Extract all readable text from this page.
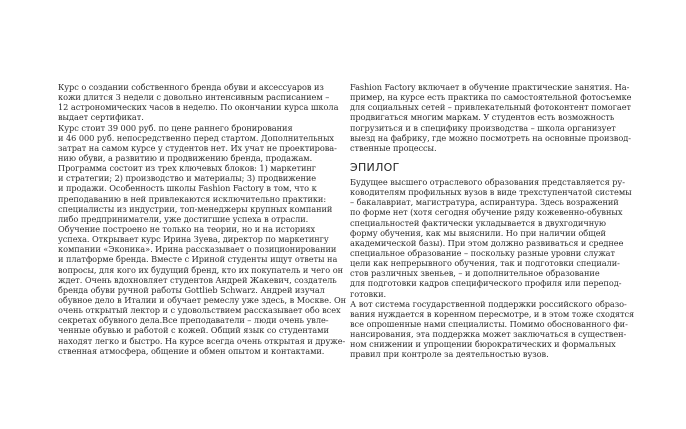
Курс о создании собственного бренда обуви и аксессуаров из
кожи длится 3 недели с довольно интенсивным расписанием –
12 астрономических часов в неделю. По окончании курса школа
выдает сертификат.
Курс стоит 39 000 руб. по цене раннего бронирования
и 46 000 руб. непосредственно перед стартом. Дополнительных
затрат на самом курсе у студентов нет. Их учат не проектирова-
нию обуви, а развитию и продвижению бренда, продажам.
Программа состоит из трех ключевых блоков: 1) маркетинг
и стратегии; 2) производство и материалы; 3) продвижение
и продажи. Особенность школы Fashion Factory в том, что к
преподаванию в ней привлекаются исключительно практики:
специалисты из индустрии, топ-менеджеры крупных компаний
либо предприниматели, уже достигшие успеха в отрасли.
Обучение построено не только на теории, но и на историях
успеха. Открывает курс Ирина Зуева, директор по маркетингу
компании «Эконика». Ирина рассказывает о позиционировании
и платформе бренда. Вместе с Ириной студенты ищут ответы на
вопросы, для кого их будущий бренд, кто их покупатель и чего он
ждет. Очень вдохновляет студентов Андрей Жакевич, создатель
бренда обуви ручной работы Gottlieb Schwarz. Андрей изучал
обувное дело в Италии и обучает ремеслу уже здесь, в Москве. Он
очень открытый лектор и с удовольствием рассказывает обо всех
секретах обувного дела.Все преподаватели – люди очень увле-
ченные обувью и работой с кожей. Общий язык со студентами
находят легко и быстро. На курсе всегда очень открытая и друже-
ственная атмосфера, общение и обмен опытом и контактами.
Fashion Factory включает в обучение практические занятия. На-
пример, на курсе есть практика по самостоятельной фотосъемке
для социальных сетей – привлекательный фотоконтент помогает
продвигаться многим маркам. У студентов есть возможность
погрузиться и в специфику производства – школа организует
выезд на фабрику, где можно посмотреть на основные производ-
ственные процессы.
ЭПИЛОГ
Будущее высшего отраслевого образования представляется ру-
ководителям профильных вузов в виде трехступенчатой системы
– бакалавриат, магистратура, аспирантура. Здесь возражений
по форме нет (хотя сегодня обучение ряду кожевенно-обувных
специальностей фактически укладывается в двухгодичную
форму обучения, как мы выяснили. Но при наличии общей
академической базы). При этом должно развиваться и среднее
специальное образование – поскольку разные уровни служат
цели как непрерывного обучения, так и подготовки специали-
стов различных звеньев, – и дополнительное образование
для подготовки кадров специфического профиля или перепод-
готовки.
А вот система государственной поддержки российского образо-
вания нуждается в коренном пересмотре, и в этом тоже сходятся
все опрошенные нами специалисты. Помимо обоснованного фи-
нансирования, эта поддержка может заключаться в существен-
ном снижении и упрощении бюрократических и формальных
правил при контроле за деятельностью вузов.
